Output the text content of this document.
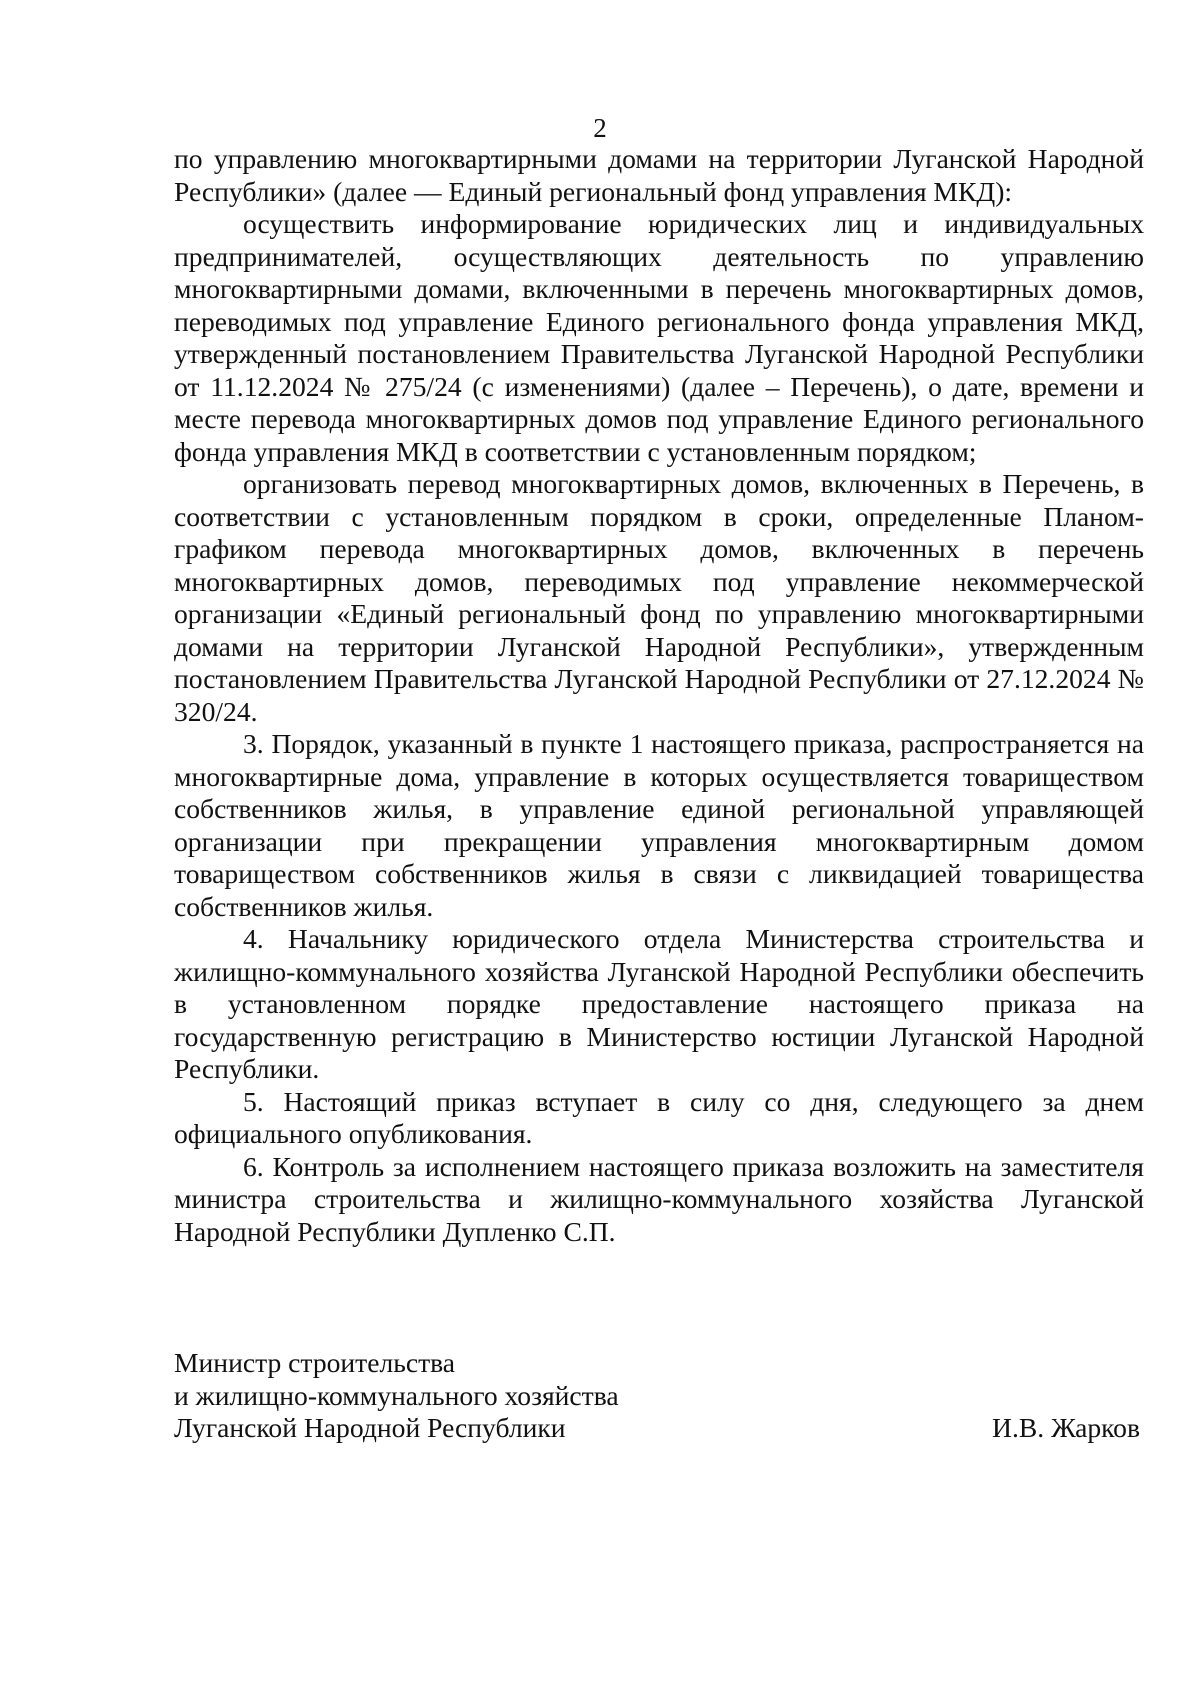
2

по управлению многоквартирными домами на территории Луганской Народной Республики» (далее — Единый региональный фонд управления МКД):

осуществить информирование юридических лиц и индивидуальных предпринимателей, осуществляющих деятельность по управлению многоквартирными домами, включенными в перечень многоквартирных домов, переводимых под управление Единого регионального фонда управления МКД, утвержденный постановлением Правительства Луганской Народной Республики от 11.12.2024 № 275/24 (с изменениями) (далее – Перечень), о дате, времени и месте перевода многоквартирных домов под управление Единого регионального фонда управления МКД в соответствии с установленным порядком;

организовать перевод многоквартирных домов, включенных в Перечень, в соответствии с установленным порядком в сроки, определенные Планом-графиком перевода многоквартирных домов, включенных в перечень многоквартирных домов, переводимых под управление некоммерческой организации «Единый региональный фонд по управлению многоквартирными домами на территории Луганской Народной Республики», утвержденным постановлением Правительства Луганской Народной Республики от 27.12.2024 № 320/24.

3. Порядок, указанный в пункте 1 настоящего приказа, распространяется на многоквартирные дома, управление в которых осуществляется товариществом собственников жилья, в управление единой региональной управляющей организации при прекращении управления многоквартирным домом товариществом собственников жилья в связи с ликвидацией товарищества собственников жилья.

4. Начальнику юридического отдела Министерства строительства и жилищно-коммунального хозяйства Луганской Народной Республики обеспечить в установленном порядке предоставление настоящего приказа на государственную регистрацию в Министерство юстиции Луганской Народной Республики.

5. Настоящий приказ вступает в силу со дня, следующего за днем официального опубликования.

6. Контроль за исполнением настоящего приказа возложить на заместителя министра строительства и жилищно-коммунального хозяйства Луганской Народной Республики Дупленко С.П.

Министр строительства
и жилищно-коммунального хозяйства
Луганской Народной Республики	И.В. Жарков
